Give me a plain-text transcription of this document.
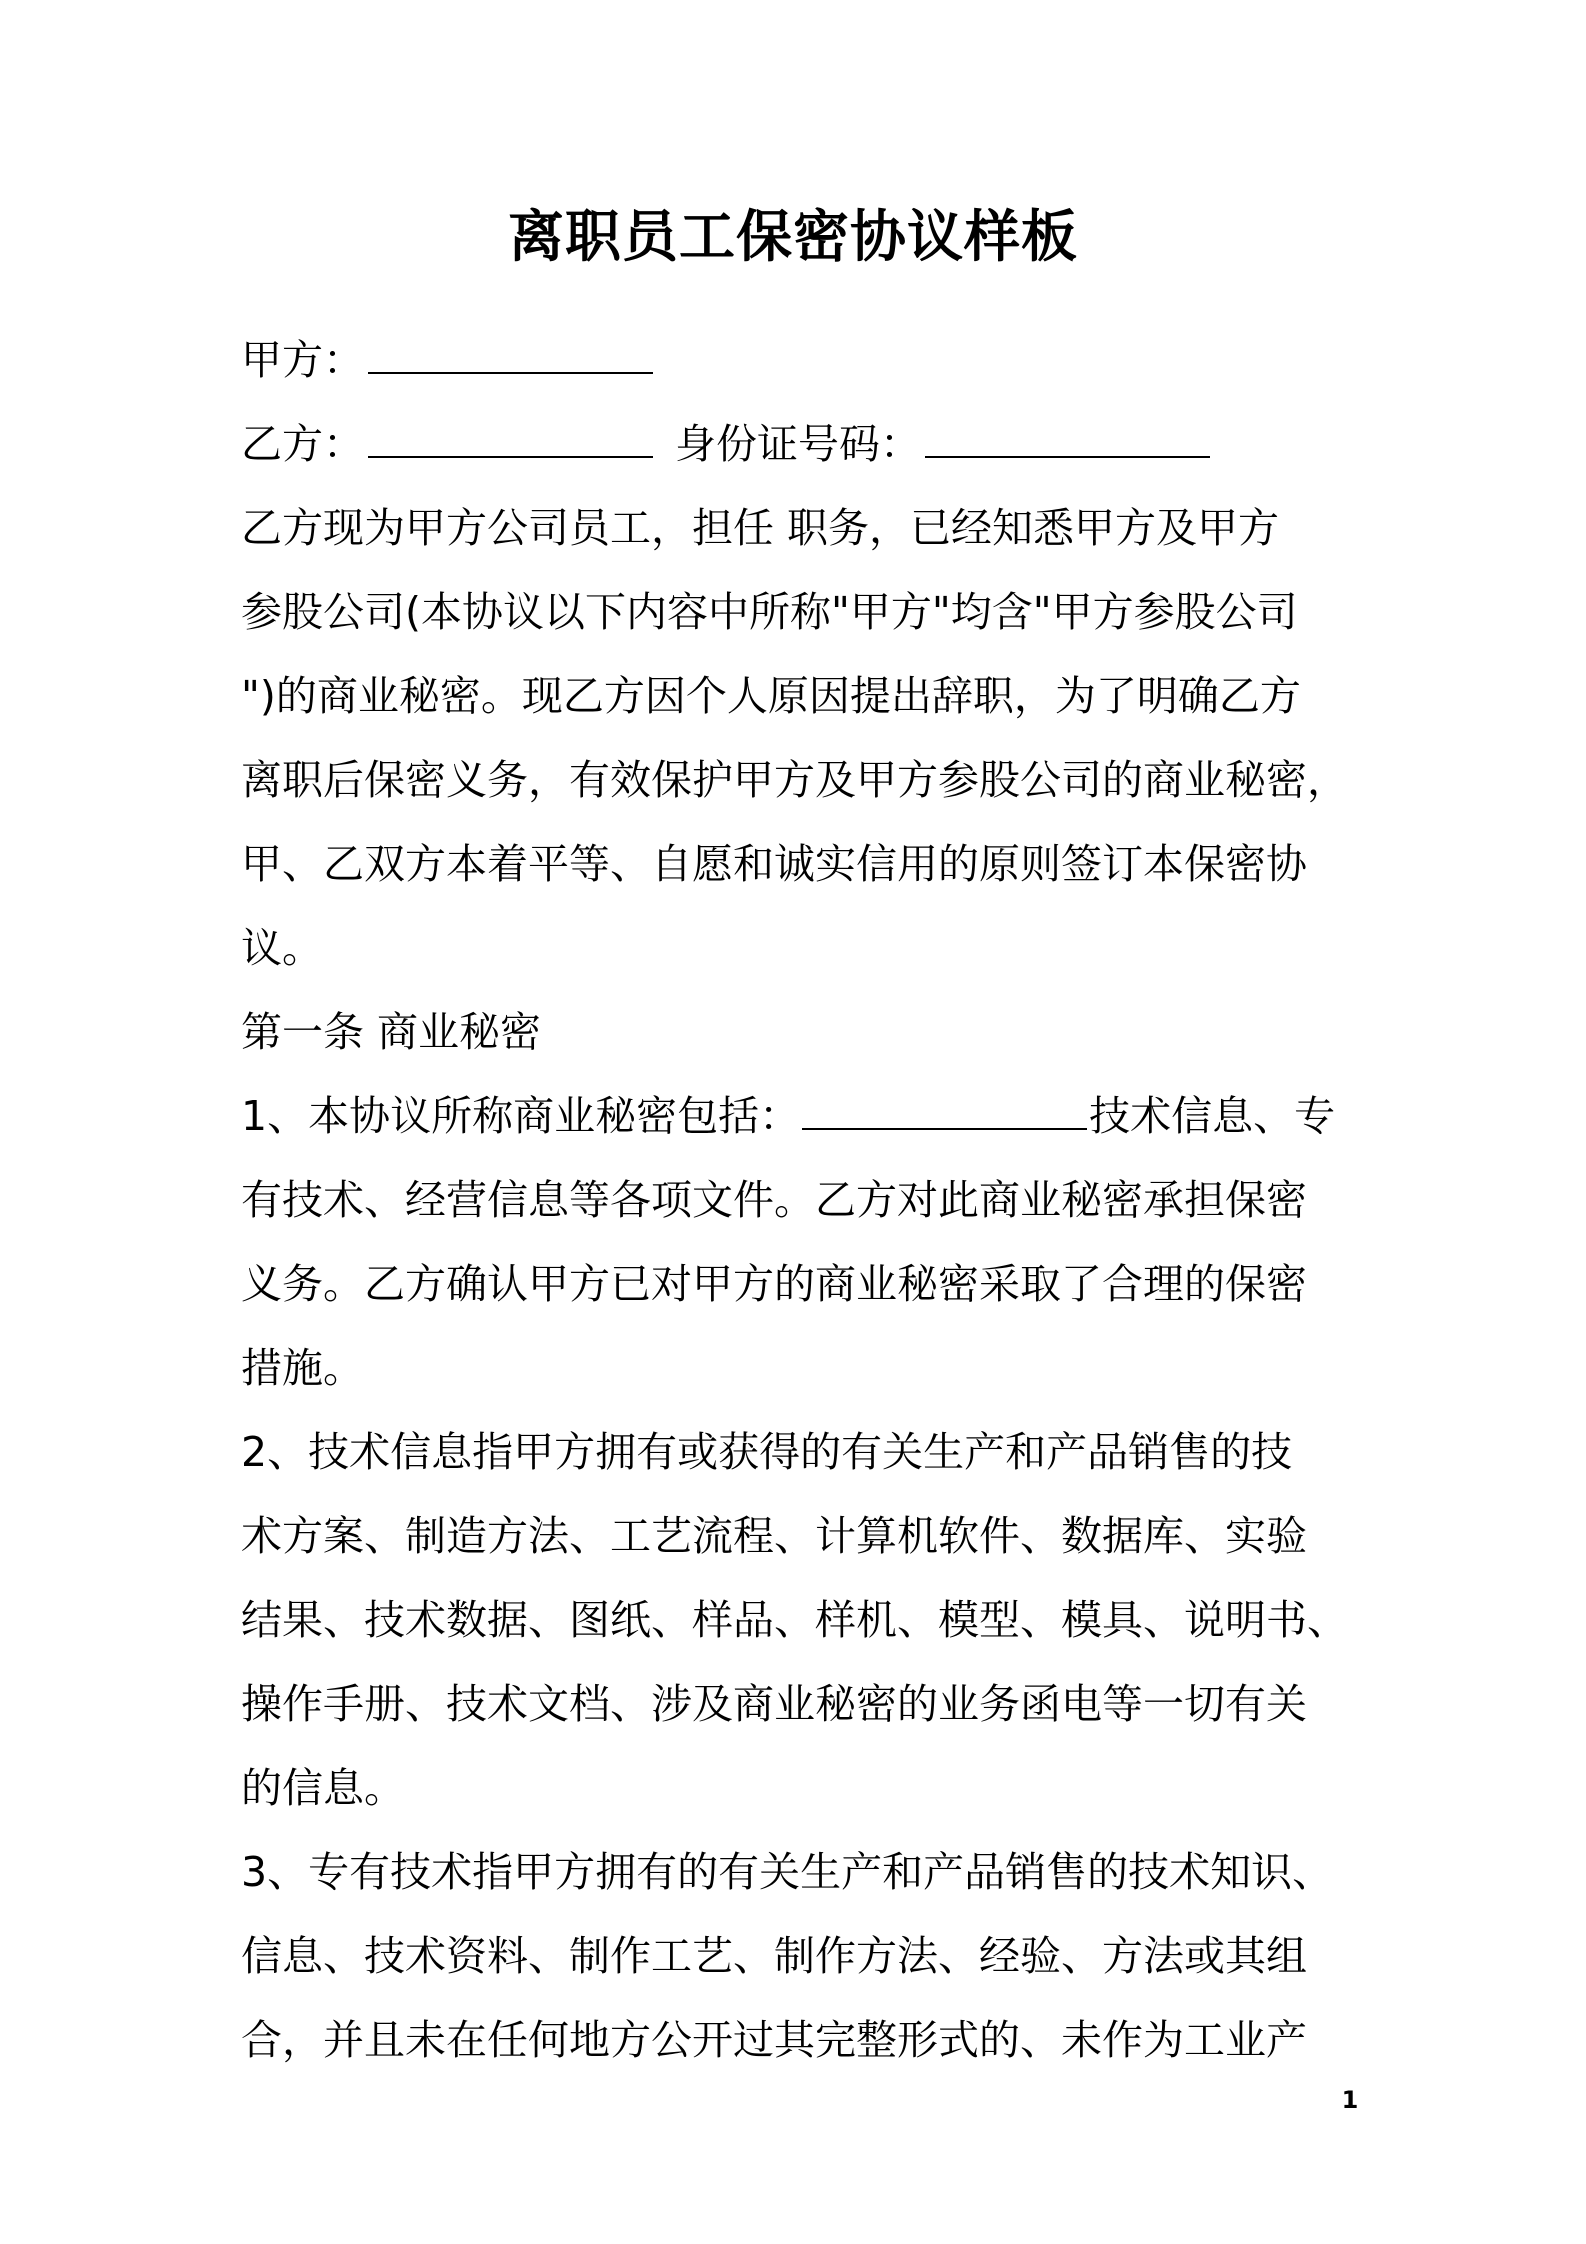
离职员工保密协议样板
甲方：
乙方：	身份证号码：
乙方现为甲方公司员工，担任 职务，已经知悉甲方及甲方
参股公司(本协议以下内容中所称"甲方"均含"甲方参股公司
")的商业秘密。现乙方因个人原因提出辞职，为了明确乙方
离职后保密义务，有效保护甲方及甲方参股公司的商业秘密，
甲、乙双方本着平等、自愿和诚实信用的原则签订本保密协
议。
第一条 商业秘密
1、本协议所称商业秘密包括：	技术信息、专
有技术、经营信息等各项文件。乙方对此商业秘密承担保密
义务。乙方确认甲方已对甲方的商业秘密采取了合理的保密
措施。
2、技术信息指甲方拥有或获得的有关生产和产品销售的技
术方案、制造方法、工艺流程、计算机软件、数据库、实验
结果、技术数据、图纸、样品、样机、模型、模具、说明书、
操作手册、技术文档、涉及商业秘密的业务函电等一切有关
的信息。
3、专有技术指甲方拥有的有关生产和产品销售的技术知识、
信息、技术资料、制作工艺、制作方法、经验、方法或其组
合，并且未在任何地方公开过其完整形式的、未作为工业产
1
